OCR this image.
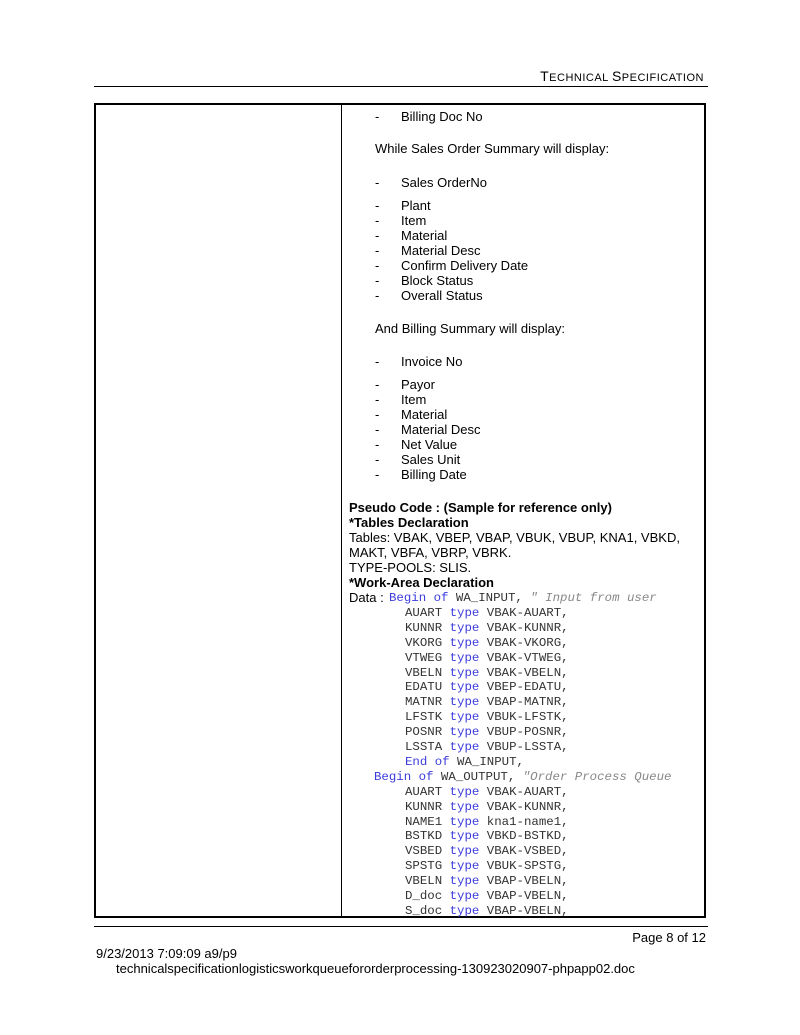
TECHNICAL SPECIFICATION
- Billing Doc No
While Sales Order Summary will display:
- Sales OrderNo
- Plant
- Item
- Material
- Material Desc
- Confirm Delivery Date
- Block Status
- Overall Status
And Billing Summary will display:
- Invoice No
- Payor
- Item
- Material
- Material Desc
- Net Value
- Sales Unit
- Billing Date
Pseudo Code : (Sample for reference only)
*Tables Declaration
Tables: VBAK, VBEP, VBAP, VBUK, VBUP, KNA1, VBKD,
MAKT, VBFA, VBRP, VBRK.
TYPE-POOLS: SLIS.
*Work-Area Declaration
Data : Begin of WA_INPUT, " Input from user
AUART type VBAK-AUART,
KUNNR type VBAK-KUNNR,
VKORG type VBAK-VKORG,
VTWEG type VBAK-VTWEG,
VBELN type VBAK-VBELN,
EDATU type VBEP-EDATU,
MATNR type VBAP-MATNR,
LFSTK type VBUK-LFSTK,
POSNR type VBUP-POSNR,
LSSTA type VBUP-LSSTA,
End of WA_INPUT,
Begin of WA_OUTPUT, "Order Process Queue
AUART type VBAK-AUART,
KUNNR type VBAK-KUNNR,
NAME1 type kna1-name1,
BSTKD type VBKD-BSTKD,
VSBED type VBAK-VSBED,
SPSTG type VBUK-SPSTG,
VBELN type VBAP-VBELN,
D_doc type VBAP-VBELN,
S_doc type VBAP-VBELN,
Page 8 of 12
9/23/2013 7:09:09 a9/p9
technicalspecificationlogisticsworkqueuefororderprocessing-130923020907-phpapp02.doc
